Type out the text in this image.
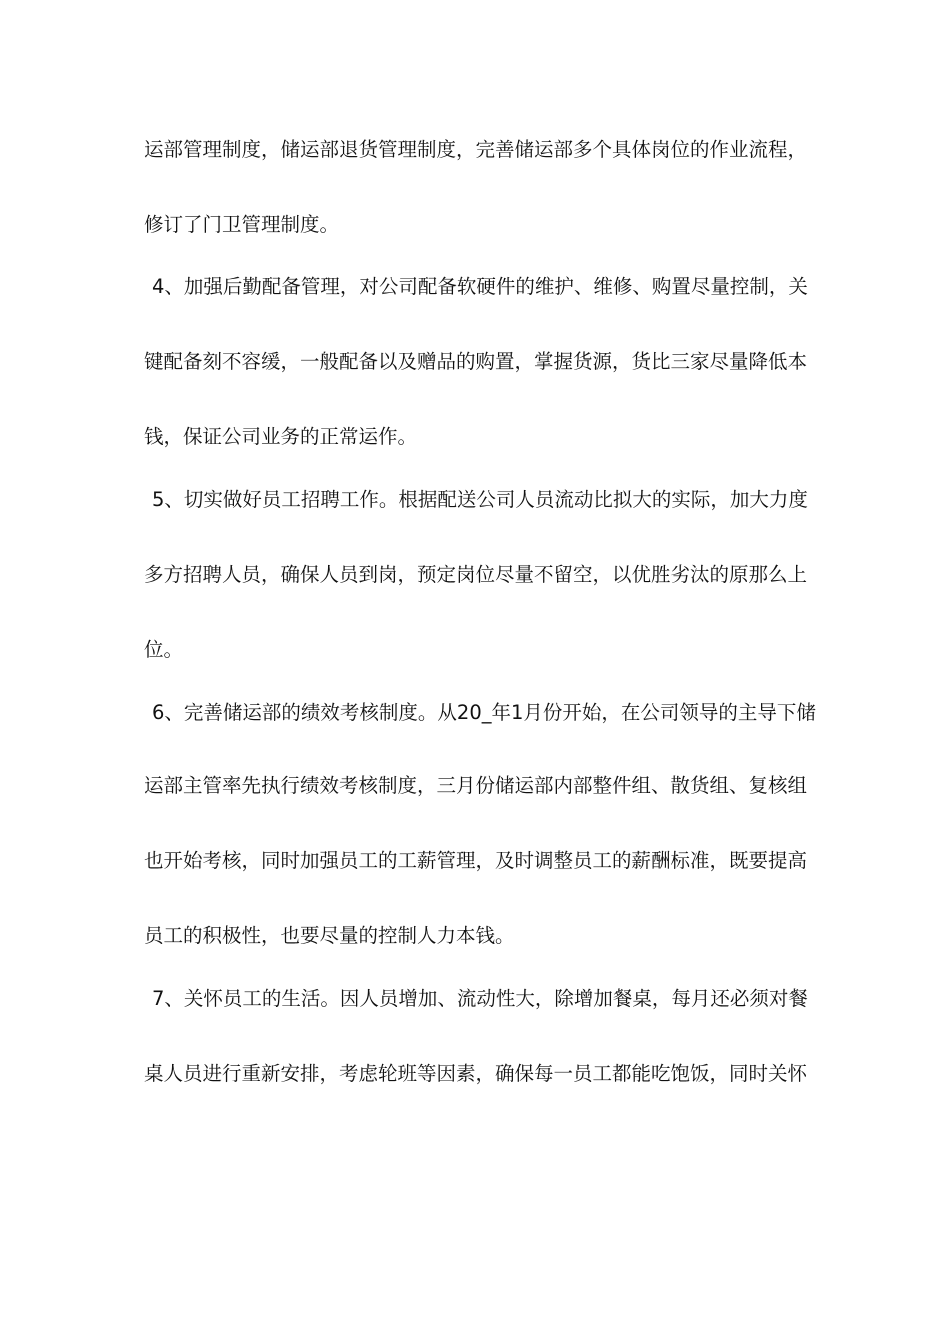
运部管理制度，储运部退货管理制度，完善储运部多个具体岗位的作业流程，
修订了门卫管理制度。
4、加强后勤配备管理，对公司配备软硬件的维护、维修、购置尽量控制，关
键配备刻不容缓，一般配备以及赠品的购置，掌握货源，货比三家尽量降低本
钱，保证公司业务的正常运作。
5、切实做好员工招聘工作。根据配送公司人员流动比拟大的实际，加大力度
多方招聘人员，确保人员到岗，预定岗位尽量不留空，以优胜劣汰的原那么上
位。
6、完善储运部的绩效考核制度。从20_年1月份开始，在公司领导的主导下储
运部主管率先执行绩效考核制度，三月份储运部内部整件组、散货组、复核组
也开始考核，同时加强员工的工薪管理，及时调整员工的薪酬标准，既要提高
员工的积极性，也要尽量的控制人力本钱。
7、关怀员工的生活。因人员增加、流动性大，除增加餐桌，每月还必须对餐
桌人员进行重新安排，考虑轮班等因素，确保每一员工都能吃饱饭，同时关怀
